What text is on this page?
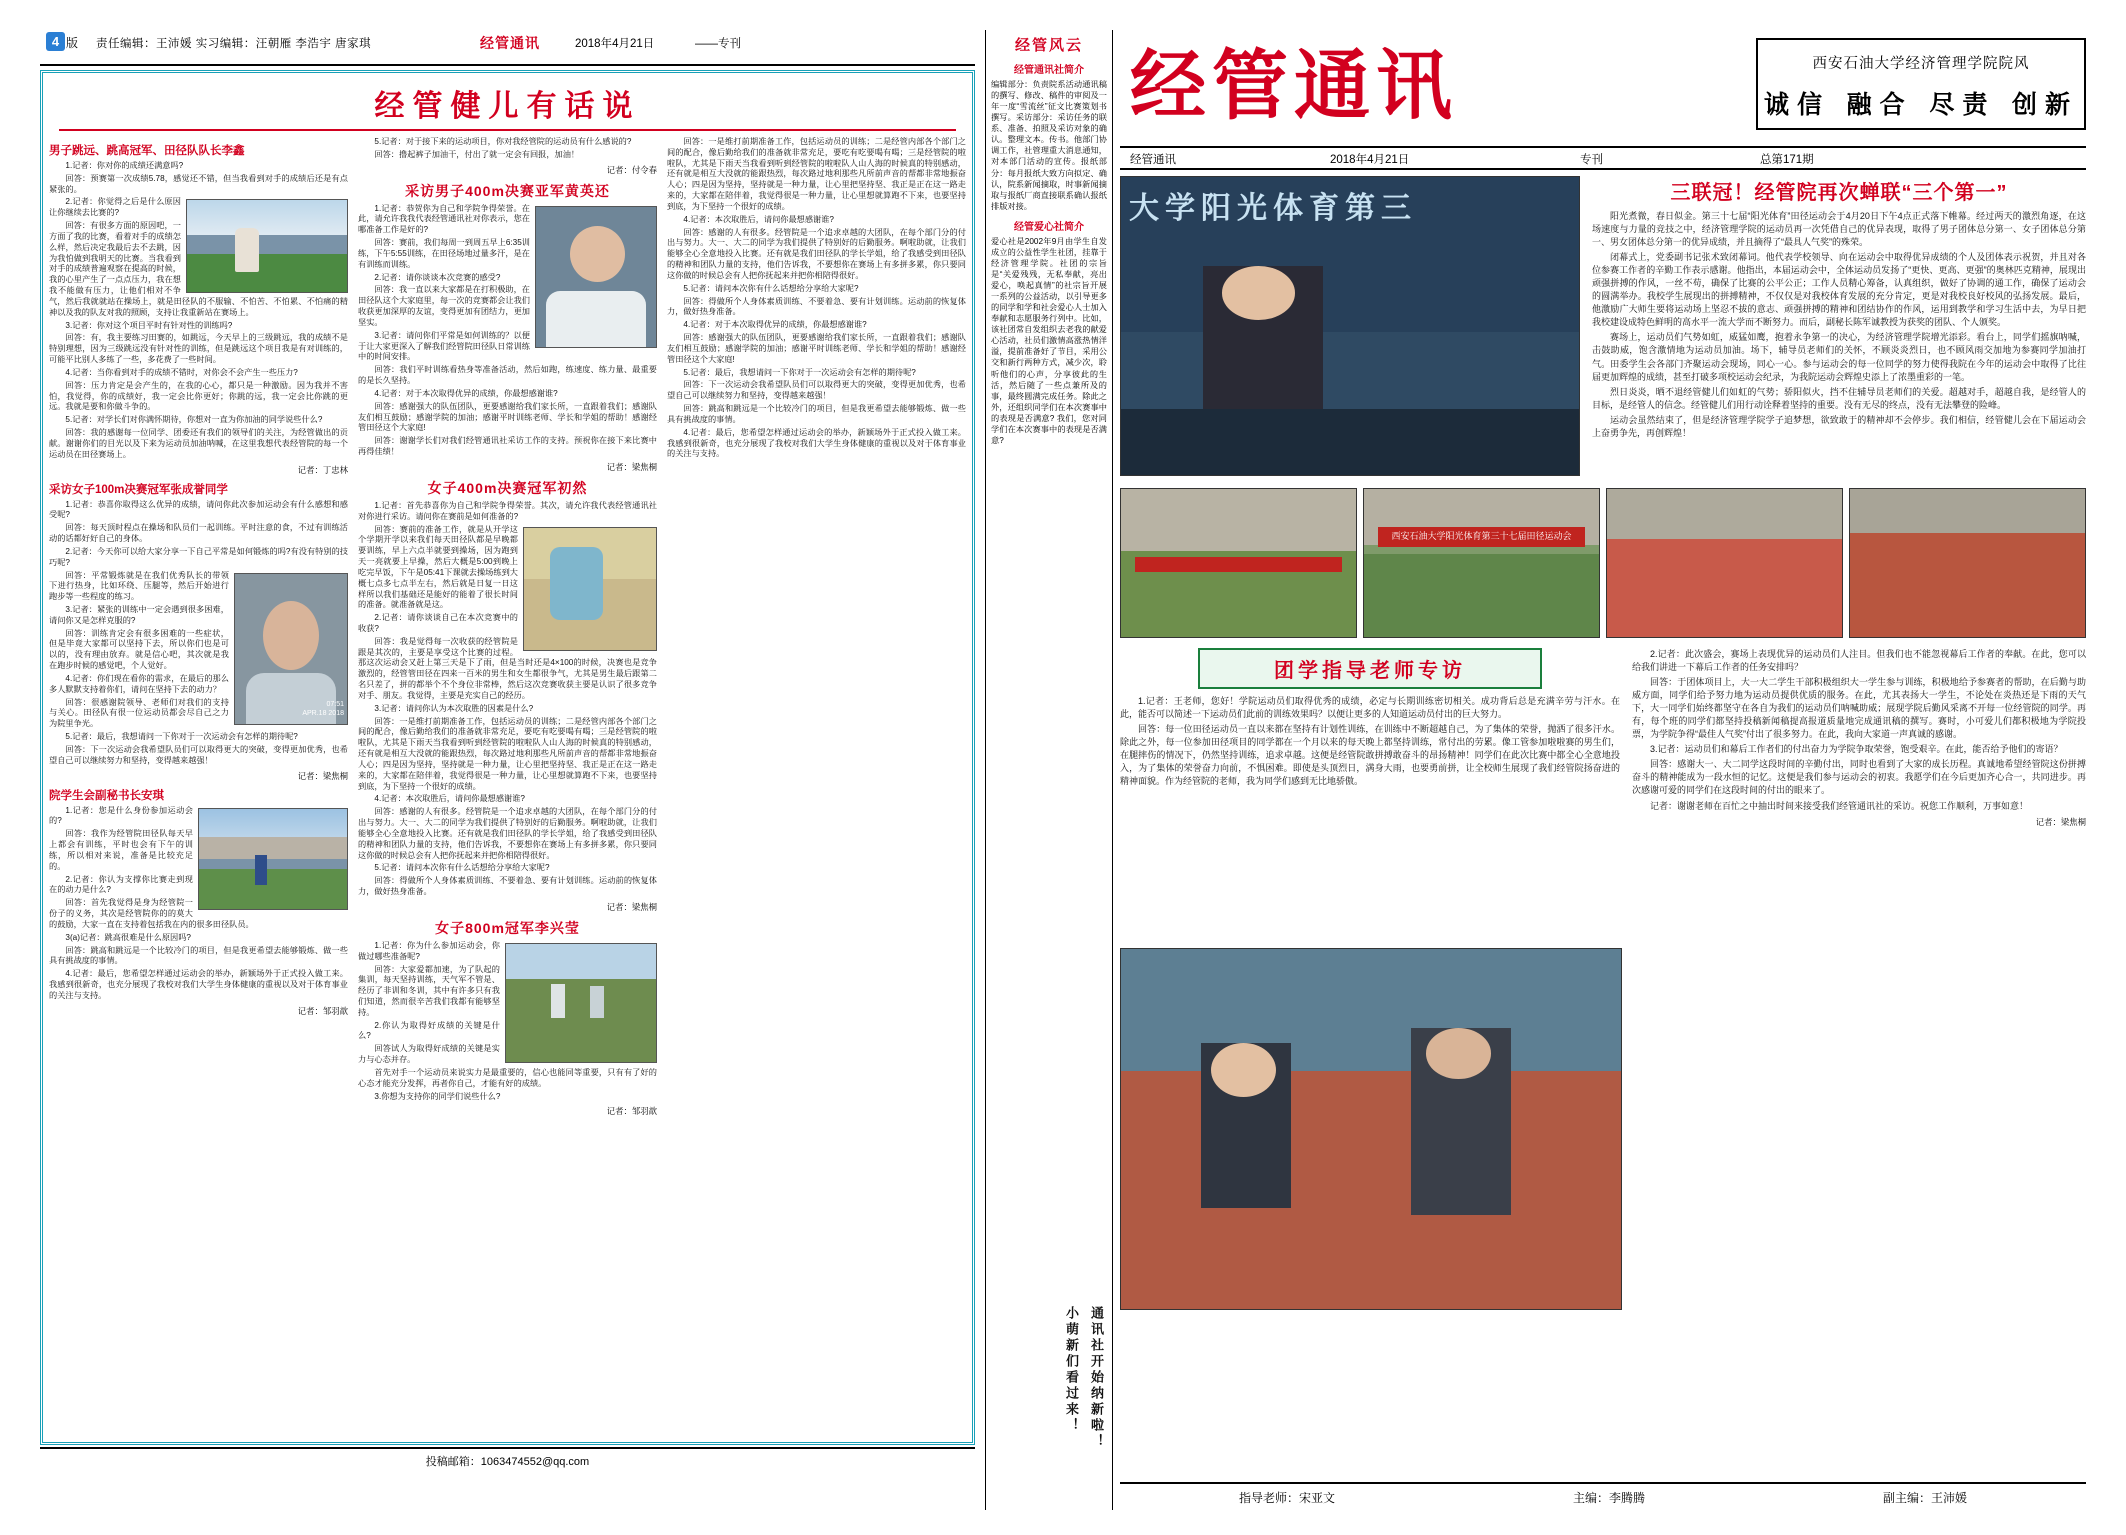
4 版 责任编辑：王沛媛 实习编辑：汪朝雁 李浩宇 唐家琪	经管通讯	2018年4月21日	——专刊
经管健儿有话说
男子跳远、跳高冠军、田径队队长李鑫

1.记者：你对你的成绩还满意吗?

回答：预赛第一次成绩5.78，感觉还不错，但当我看到对手的成绩后还是有点紧张的。

2.记者：你觉得之后是什么原因让你继续去比赛的?

回答：有很多方面的原因吧，一方面了我的比赛，看着对手的成绩怎么样，然后决定我最后去不去跳，因为我怕做到我明天的比赛。当我看到对手的成绩普遍观察在提高的时候，我的心里产生了一点点压力，我在想我不能做有压力，让他们相对不争气，然后我就就站在操场上，就是田径队的不服输、不怕苦、不怕累、不怕痛的精神以及我的队友对我的照顾，支持让我重新站在赛场上。

3.记者：你对这个项目平时有针对性的训练吗?

回答：有，我主要练习田赛的，如跳远，今天早上的三级跳远，我的成绩不是特别理想，因为三级跳远没有针对性的训练，但是跳远这个项目我是有对训练的，可能平比别人多练了一些，多花费了一些时间。

4.记者：当你看到对手的成绩不错时，对你会不会产生一些压力?

回答：压力肯定是会产生的，在我的心心，都只是一种激励。因为我并不害怕，我觉得，你的成绩好，我一定会比你更好；你跳的远，我一定会比你跳的更远。我就是要和你做斗争的。

5.记者：对学长们对你满怀期待，你想对一直为你加油的同学说些什么?

回答：我的感谢每一位同学、团委还有我们的领导们的关注，为经管做出的贡献。谢谢你们的目光以及下来为运动员加油呐喊，在这里我想代表经管院的每一个运动员在田径赛场上。

记者：丁忠林
采访女子100m决赛冠军张成誉同学

1.记者：恭喜你取得这么优异的成绩，请问你此次参加运动会有什么感想和感受呢?

回答：每天顶时程点在操场和队员们一起训练。平时注意的食，不过有训练活动的话都好好自己的身体。

2.记者：今天你可以给大家分享一下自己平常是如何锻炼的吗?有没有特别的技巧呢?

07:51
APR.18 2018

回答：平常锻炼就是在我们优秀队长的带领下进行热身，比如环绕、压腿等，然后开始进行跑步等一些程度的练习。

3.记者：紧张的训练中一定会遇到很多困难，请问你又是怎样克服的?

回答：训练肯定会有很多困难的一些症状，但是毕竟大家都可以坚持下去，所以你们也是可以的，没有理由放弃。就是信心吧，其次就是我在跑步时候的感觉吧，个人觉好。

4.记者：你们现在看你的需求，在最后的那么多人默默支持着你们，请问在坚持下去的动力？

回答：很感谢院领导、老师们对我们的支持与关心。田径队有很一位运动员都会尽自己之力为院里争光。

5.记者：最后，我想请问一下你对于一次运动会有怎样的期待呢?

回答：下一次运动会我希望队员们可以取得更大的突破，变得更加优秀，也希望自己可以继续努力和坚持，变得越来越强！

记者：梁焦桐
院学生会副秘书长安琪

1.记者：您是什么身份参加运动会的?

回答：我作为经管院田径队每天早上都会有训练，平时也会有下午的训练，所以相对来说，准备是比较充足的。

2.记者：你认为支撑你比赛走到现在的动力是什么?

回答：首先我觉得是身为经管院一份子的义务，其次是经管院你的的莫大的鼓励，大家一直在支持着包括我在内的很多田径队员。

3(a)记者：跳高很难是什么原因吗?

回答：跳高和跳远是一个比较冷门的项目，但是我更希望去能够锻炼、做一些具有挑战度的事情。

4.记者：最后，您希望怎样通过运动会的举办，新颖场外于正式投入做工来。我感到很新奇，也充分展现了我校对我们大学生身体健康的重视以及对于体育事业的关注与支持。

记者：邹羽歆

5.记者：对于接下来的运动项目，你对我经管院的运动员有什么感说的?

回答：撸起裤子加油干，付出了就一定会有回报，加油！

记者：付令春
采访男子400m决赛亚军黄英还

1.记者：恭贺你为自己和学院争得荣誉。在此，请允许我我代表经管通讯社对你表示，您在哪准备工作是好的?

回答：赛前，我们每周一到周五早上6:35训练，下午5:55训练，在田径场地过量多汗，是在有训练而训练。

2.记者：请你谈谈本次竞赛的感受?

回答：我一直以来大家都是在打积极助，在田径队这个大家庭里，每一次的竞赛都会让我们收获更加深厚的友谊，变得更加有团结力，更加坚实。

3.记者：请问你们平常是如何训练的？以便于让大家更深入了解我们经管院田径队日常训练中的时间安排。

回答：我们平时训练看热身等准备活动，然后如跑，练速度、练力量、最重要的是长久坚持。

4.记者：对于本次取得优异的成绩，你最想感谢谁?

回答：感谢强大的队伍团队，更要感谢给我们家长所，一直跟着我们；感谢队友们相互鼓励；感谢学院的加油；感谢平时训练老师、学长和学姐的帮助！感谢经管田径这个大家庭!

回答：谢谢学长们对我们经管通讯社采访工作的支持。预祝你在接下来比赛中再得佳绩！

记者：梁焦桐
女子400m决赛冠军初然

1.记者：首先恭喜你为自己和学院争得荣誉。其次，请允许我代表经管通讯社对你进行采访。请问你在赛前是如何准备的?

回答：赛前的准备工作，就是从开学这个学期开学以来我们每天田径队都是早晚都要训练，早上六点半就要到操场，因为跑到天一亮就要上早操，然后大概是5:00到晚上吃完早饭，下午是05:41下课就去操场练到大概七点多七点半左右，然后就是日复一日这样所以我们基础还是能好的能着了很长时间的准备。就准备就是这。

2.记者：请你谈谈自己在本次竞赛中的收获?

回答：我是觉得每一次收获的经管院是跟是其次的，主要是享受这个比赛的过程。那这次运动会又赶上第三天是下了雨，但是当时还是4×100的时候，决赛也是竞争激烈的，经管管田径在四来一百米的男生和女生都很争气，尤其是男生最后跟第二名只差了，拼的都举个不个身位非常棒，然后这次竞赛收获主要是认识了很多竞争对手、朋友。我觉得，主要是充实自己的经历。

3.记者：请问你认为本次取胜的因素是什么?

回答：一是维打前期准备工作，包括运动员的训练；二是经管内部各个部门之间的配合，像后勤给我们的准备就非常充足，要吃有吃要喝有喝；三是经管院的啦啦队，尤其是下雨天当我看到听到经管院的啦啦队人山人海的时候真的特别感动，还有就是相互大没就的能跟热烈，每次路过地利那些凡所前声音的帮都非常地振奋人心；四是因为坚持，坚持就是一种力量，让心里把坚持坚、我正是正在这一路走来的，大家都在陪伴着，我觉得很是一种力量，让心里想就算跑不下来，也要坚持到底，为下坚持一个很好的成绩。

4.记者：本次取胜后，请问你最想感谢谁?

回答：感谢的人有很多。经管院是一个追求卓越的大团队，在每个部门分的付出与努力。大一、大二的同学为我们提供了特别好的后勤服务。啊啦助就，让我们能够全心全意地投入比赛。还有就是我们田径队的学长学姐，给了我感受到田径队的精神和团队力量的支持，他们告诉我，不要想你在赛场上有多拼多累，你只要同这你做的时候总会有人把你抚起来并把你相陪得很好。

5.记者：请问本次你有什么话想给分享给大家呢?

回答：得做所个人身体素质训练、不要着急、要有计划训练。运动前的恢复体力，做好热身准备。

记者：梁焦桐
女子800m冠军李兴莹

1.记者：你为什么参加运动会，你做过哪些准备呢?

回答：大家爱都加速，为了队起的集训，每天坚持训练，天气军不管是、经历了非训和冬训，其中有许多只有我们知道，然而很辛苦我们我都有能够坚持。

2.你认为取得好成绩的关键是什么?

回答试人为取得好成绩的关键是实力与心态并存。

首先对手一个运动员来说实力是最重要的，信心也能同等重要，只有有了好的心态才能充分发挥，再者你自己，才能有好的成绩。

3.你想为支持你的同学们说些什么?

记者：邹羽歆

回答：一是维打前期准备工作，包括运动员的训练；二是经管内部各个部门之间的配合，像后勤给我们的准备就非常充足，要吃有吃要喝有喝；三是经管院的啦啦队，尤其是下雨天当我看到听到经管院的啦啦队人山人海的时候真的特别感动，还有就是相互大没就的能跟热烈，每次路过地利那些凡所前声音的帮都非常地振奋人心；四是因为坚持，坚持就是一种力量，让心里把坚持坚、我正是正在这一路走来的，大家都在陪伴着，我觉得很是一种力量，让心里想就算跑不下来，也要坚持到底，为下坚持一个很好的成绩。

4.记者：本次取胜后，请问你最想感谢谁?

回答：感谢的人有很多。经管院是一个追求卓越的大团队，在每个部门分的付出与努力。大一、大二的同学为我们提供了特别好的后勤服务。啊啦助就，让我们能够全心全意地投入比赛。还有就是我们田径队的学长学姐，给了我感受到田径队的精神和团队力量的支持，他们告诉我，不要想你在赛场上有多拼多累，你只要同这你做的时候总会有人把你抚起来并把你相陪得很好。

5.记者：请问本次你有什么话想给分享给大家呢?

回答：得做所个人身体素质训练、不要着急、要有计划训练。运动前的恢复体力，做好热身准备。

4.记者：对于本次取得优异的成绩，你最想感谢谁?

回答：感谢强大的队伍团队，更要感谢给我们家长所，一直跟着我们；感谢队友们相互鼓励；感谢学院的加油；感谢平时训练老师、学长和学姐的帮助！感谢经管田径这个大家庭!

5.记者：最后，我想请问一下你对于一次运动会有怎样的期待呢?

回答：下一次运动会我希望队员们可以取得更大的突破，变得更加优秀，也希望自己可以继续努力和坚持，变得越来越强！

回答：跳高和跳远是一个比较冷门的项目，但是我更希望去能够锻炼、做一些具有挑战度的事情。

4.记者：最后，您希望怎样通过运动会的举办，新颖场外于正式投入做工来。我感到很新奇，也充分展现了我校对我们大学生身体健康的重视以及对于体育事业的关注与支持。

投稿邮箱：1063474552@qq.com
经管风云
经管通讯社简介
编辑部分：负责院系活动通讯稿的撰写、修改、稿件的审阅及一年一度“雪流丝”征文比赛策划书撰写。采访部分：采访任务的联系、准备、拍照及采访对象的确认。整理文本。传书。他部门协调工作，社管理重大消息通知，对本部门活动的宣传。报纸部分：每月报纸大致方向拟定、确认，院系新闻摘取，时事新闻摘取与报纸厂商直接联系确认报纸排版对接。
经管爱心社简介
爱心社是2002年9月由学生自发成立的公益性学生社团，挂靠于经济管理学院。社团的宗旨是“关爱残残，无私奉献，亮出爱心，唤起真情”的社宗旨开展一系列的公益活动，以引导更多的同学和学和社会爱心人士加入奉献和志愿服务行列中。比如，该社团常自发组织去老我的献爱心活动，社员们激情高涨热情洋溢，提前准备好了节目，采用公交和新行两种方式，减少次，聆听他们的心声，分享彼此的生活，然后随了一些点兼所及的事，最终圆满完成任务。除此之外，还组织同学们在本次赛事中的表现是否满意? 我们，您对同学们在本次赛事中的表现是否满意?
通讯社开始纳新啦！
小萌新们看过来！
经管通讯	西安石油大学经济管理学院院风
诚信 融合 尽责 创新
经管通讯	2018年4月21日	专刊	总第171期
大学阳光体育第三	三联冠！经管院再次蝉联“三个第一”

阳光煮微，春日似金。第三十七届“阳光体育”田径运动会于4月20日下午4点正式落下帷幕。经过两天的激烈角逐，在这场速度与力量的竞技之中，经济管理学院的运动员再一次凭借自己的优异表现，取得了男子团体总分第一、女子团体总分第一、男女团体总分第一的优异成绩，并且摘得了“最具人气奖”的殊荣。

闭幕式上，党委副书记张术致闭幕词。他代表学校领导、向在运动会中取得优异成绩的个人及团体表示祝贺，并且对各位参赛工作者的辛勤工作表示感谢。他指出，本届运动会中，全体运动员发扬了“更快、更高、更强”的奥林匹克精神，展现出顽强拼搏的作风，一丝不苟，确保了比赛的公平公正；工作人员精心筹备，认真组织，做好了协调的通工作，确保了运动会的圆满举办。我校学生展现出的拼搏精神，不仅仅是对我校体育发展的充分肯定，更是对我校良好校风的弘扬发展。最后，他激励广大师生要将运动场上坚忍不拔的意志、顽强拼搏的精神和团结协作的作风，运用到教学和学习生活中去，为早日把我校建设成特色鲜明的高水平一流大学而不断努力。而后，副秘长陈军诚教授为获奖的团队、个人颁奖。

赛场上，运动员们气势如虹，威猛如鹰，抱着永争第一的决心，为经济管理学院增光添彩。看台上，同学们摇旗呐喊，击鼓助威，饱含激情地为运动员加油。场下，辅导员老师们的关怀，不顾炎炎烈日，也不顾风雨交加地为参赛同学加油打气。田委学生会各部门齐聚运动会现场，同心一心。参与运动会的每一位同学的努力使得我院在今年的运动会中取得了比往届更加辉煌的成绩，甚至打破多项校运动会纪录，为我院运动会辉煌史添上了浓墨重彩的一笔。

烈日炎炎，晒不退经管健儿们如虹的气势；骄阳似火，挡不住辅导员老师们的关爱。超越对手，超越自我，是经管人的目标，是经管人的信念。经管健儿们用行动诠释着坚持的重要。没有无尽的终点，没有无法攀登的险峰。

运动会虽然结束了，但是经济管理学院学子追梦想，欲致敢于的精神却不会停步。我们相信，经管健儿会在下届运动会上奋勇争先，再创辉煌！

西安石油大学阳光体育第三十七届田径运动会
团学指导老师专访

1.记者：王老师，您好！学院运动员们取得优秀的成绩，必定与长期训练密切相关。成功背后总是充满辛劳与汗水。在此，能否可以简述一下运动员们此前的训练效果吗？以便让更多的人知道运动员付出的巨大努力。

回答：每一位田径运动员一直以来都在坚持有计划性训练，在训练中不断超越自己，为了集体的荣誉，抛洒了很多汗水。除此之外，每一位参加田径项目的同学都在一个月以来的每天晚上都坚持训练，常付出的劳累。像工管参加啦啦赛的男生们，在腿摔伤的情况下，仍然坚持训练，追求卓越。这便是经管院敢拼搏敢奋斗的昂扬精神！同学们在此次比赛中都全心全意地投入，为了集体的荣誉奋力向前，不惧困难。即使是头顶烈日，满身大雨，也要勇前拼，让全校师生展现了我们经管院扬奋进的精神面貌。作为经管院的老师，我为同学们感到无比地骄傲。

2.记者：此次盛会，赛场上表现优异的运动员们人注目。但我们也不能忽视幕后工作者的奉献。在此，您可以给我们讲进一下幕后工作者的任务安排吗？

回答：于团体项目上，大一大二学生干部积极组织大一学生参与训练，积极地给予参赛者的帮助，在后勤与助威方面，同学们给予努力地为运动员提供优质的服务。在此，尤其表扬大一学生，不论处在炎热还是下雨的天气下，大一同学们始终都坚守在各自为我们的运动员们呐喊助威；展现学院后勤风采离不开每一位经管院的同学。再有，每个班的同学们都坚持投稿新闻稿提高报道质量地完成通讯稿的撰写。赛时，小可爱儿们都积极地为学院投票，为学院争得“最佳人气奖”付出了很多努力。在此，我向大家道一声真诚的感谢。

3.记者：运动员们和幕后工作者们的付出奋力为学院争取荣誉，饱受艰辛。在此，能否给予他们的寄语？

回答：感谢大一、大二同学这段时间的辛勤付出，同时也看到了大家的成长历程。真诚地希望经管院这份拼搏奋斗的精神能成为一段水恒的记忆。这便是我们参与运动会的初衷。我愿学们在今后更加齐心合一，共同进步。再次感谢可爱的同学们在这段时间的付出的眼来了。

记者：谢谢老师在百忙之中抽出时间来接受我们经管通讯社的采访。祝您工作顺利，万事如意！

记者：梁焦桐
指导老师：宋亚文	主编：李腾腾	副主编：王沛媛
